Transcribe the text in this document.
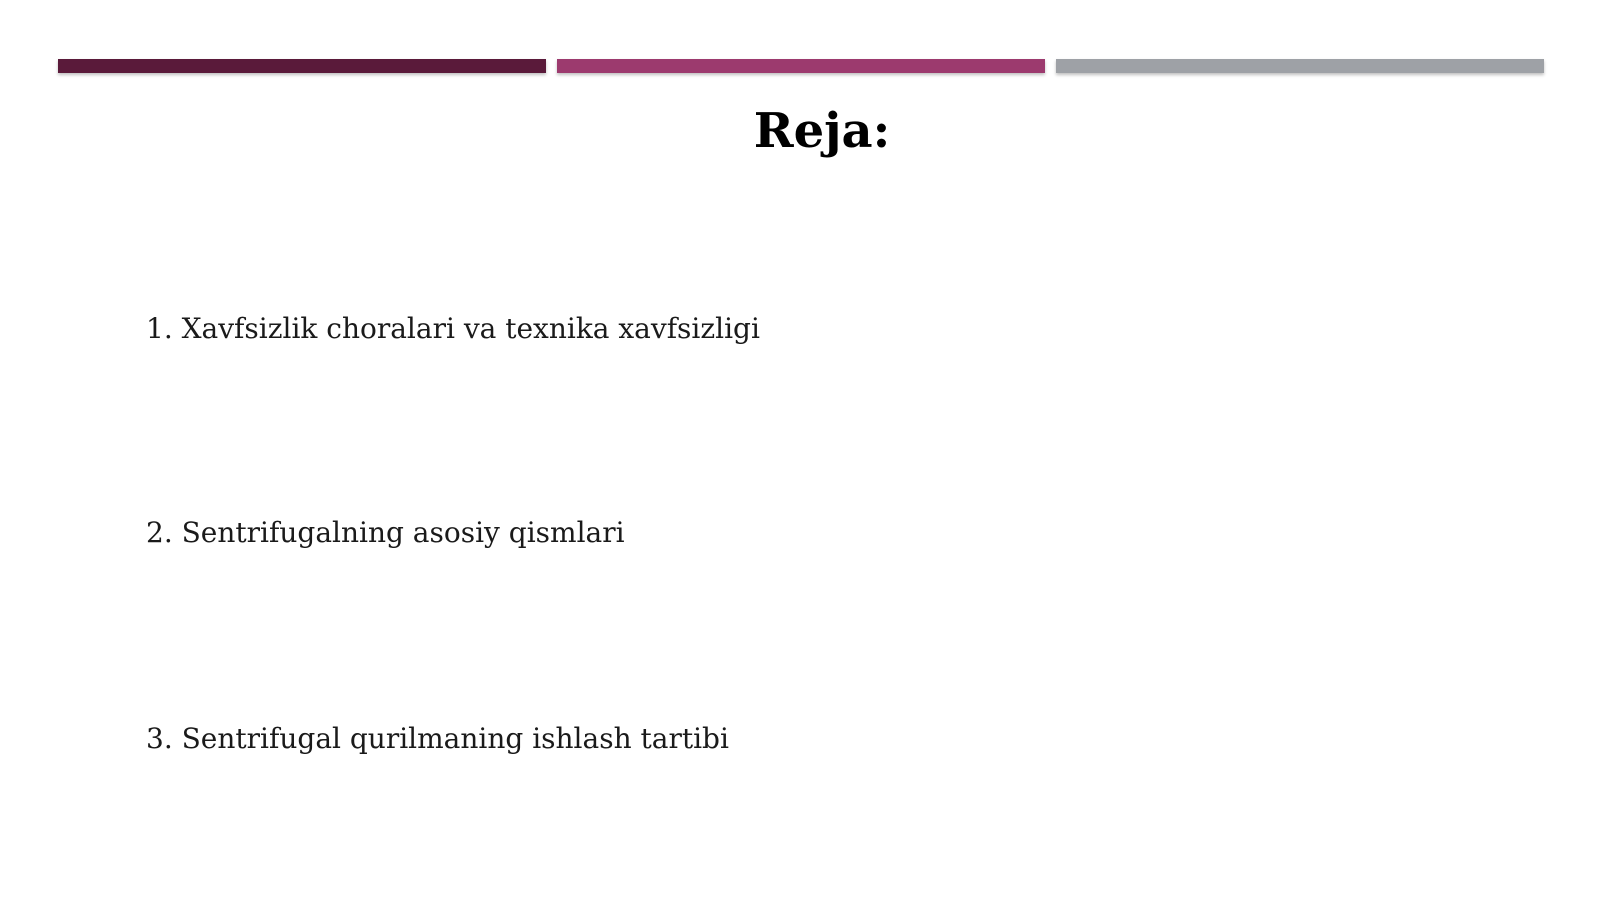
Reja:
1. Xavfsizlik choralari va texnika xavfsizligi
2. Sentrifugalning asosiy qismlari
3. Sentrifugal qurilmaning ishlash tartibi
